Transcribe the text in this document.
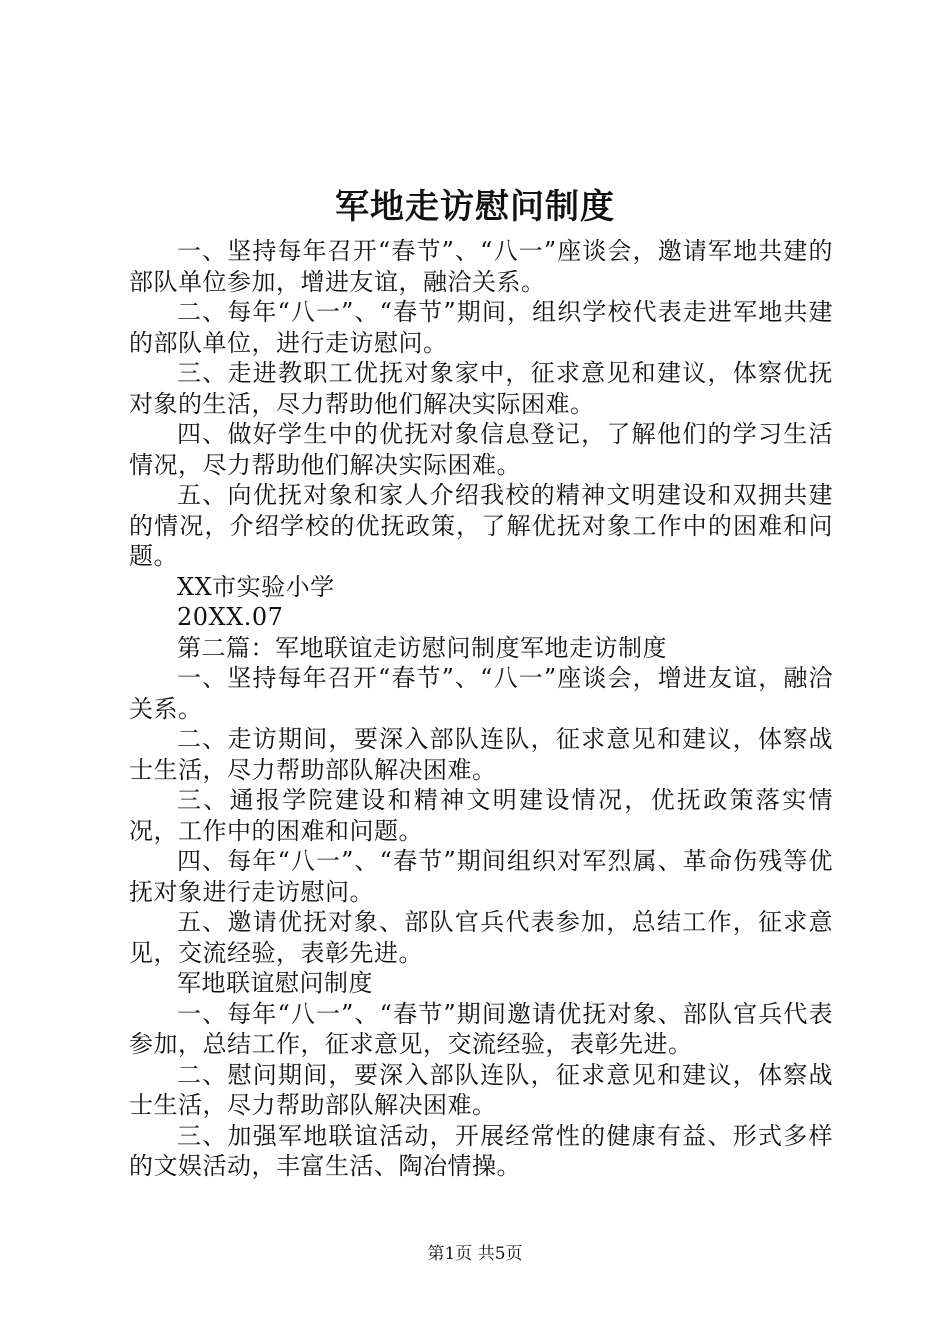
军地走访慰问制度

一、坚持每年召开“春节”、“八一”座谈会，邀请军地共建的部队单位参加，增进友谊，融洽关系。

二、每年“八一”、“春节”期间，组织学校代表走进军地共建的部队单位，进行走访慰问。

三、走进教职工优抚对象家中，征求意见和建议，体察优抚对象的生活，尽力帮助他们解决实际困难。

四、做好学生中的优抚对象信息登记，了解他们的学习生活情况，尽力帮助他们解决实际困难。

五、向优抚对象和家人介绍我校的精神文明建设和双拥共建的情况，介绍学校的优抚政策，了解优抚对象工作中的困难和问题。

XX市实验小学

20XX.07

第二篇：军地联谊走访慰问制度军地走访制度

一、坚持每年召开“春节”、“八一”座谈会，增进友谊，融洽关系。

二、走访期间，要深入部队连队，征求意见和建议，体察战士生活，尽力帮助部队解决困难。

三、通报学院建设和精神文明建设情况，优抚政策落实情况，工作中的困难和问题。

四、每年“八一”、“春节”期间组织对军烈属、革命伤残等优抚对象进行走访慰问。

五、邀请优抚对象、部队官兵代表参加，总结工作，征求意见，交流经验，表彰先进。

军地联谊慰问制度

一、每年“八一”、“春节”期间邀请优抚对象、部队官兵代表参加，总结工作，征求意见，交流经验，表彰先进。

二、慰问期间，要深入部队连队，征求意见和建议，体察战士生活，尽力帮助部队解决困难。

三、加强军地联谊活动，开展经常性的健康有益、形式多样的文娱活动，丰富生活、陶冶情操。

第1页 共5页
